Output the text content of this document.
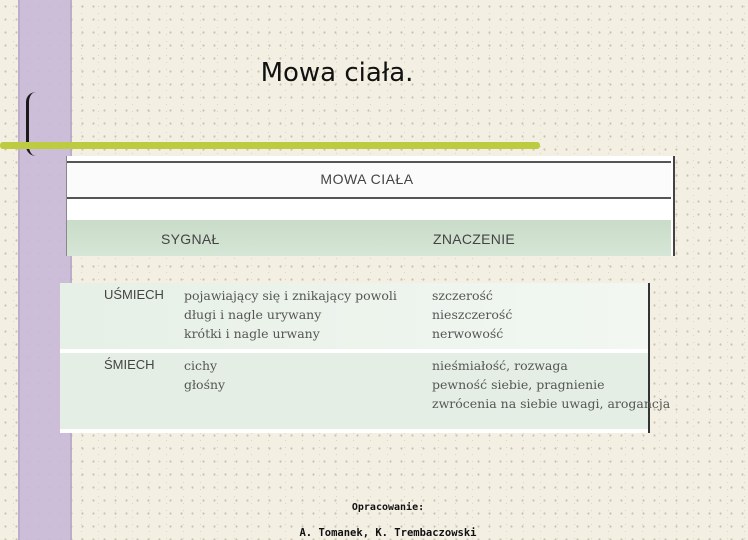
Mowa ciała.
MOWA CIAŁA
SYGNAŁ	ZNACZENIE
UŚMIECH pojawiający się i znikający powoli
długi i nagle urywany
krótki i nagle urwany
szczerość
nieszczerość
nerwowość
ŚMIECH cichy
głośny
nieśmiałość, rozwaga
pewność siebie, pragnienie
zwrócenia na siebie uwagi, arogancja
Opracowanie:
A. Tomanek, K. Trembaczowski
